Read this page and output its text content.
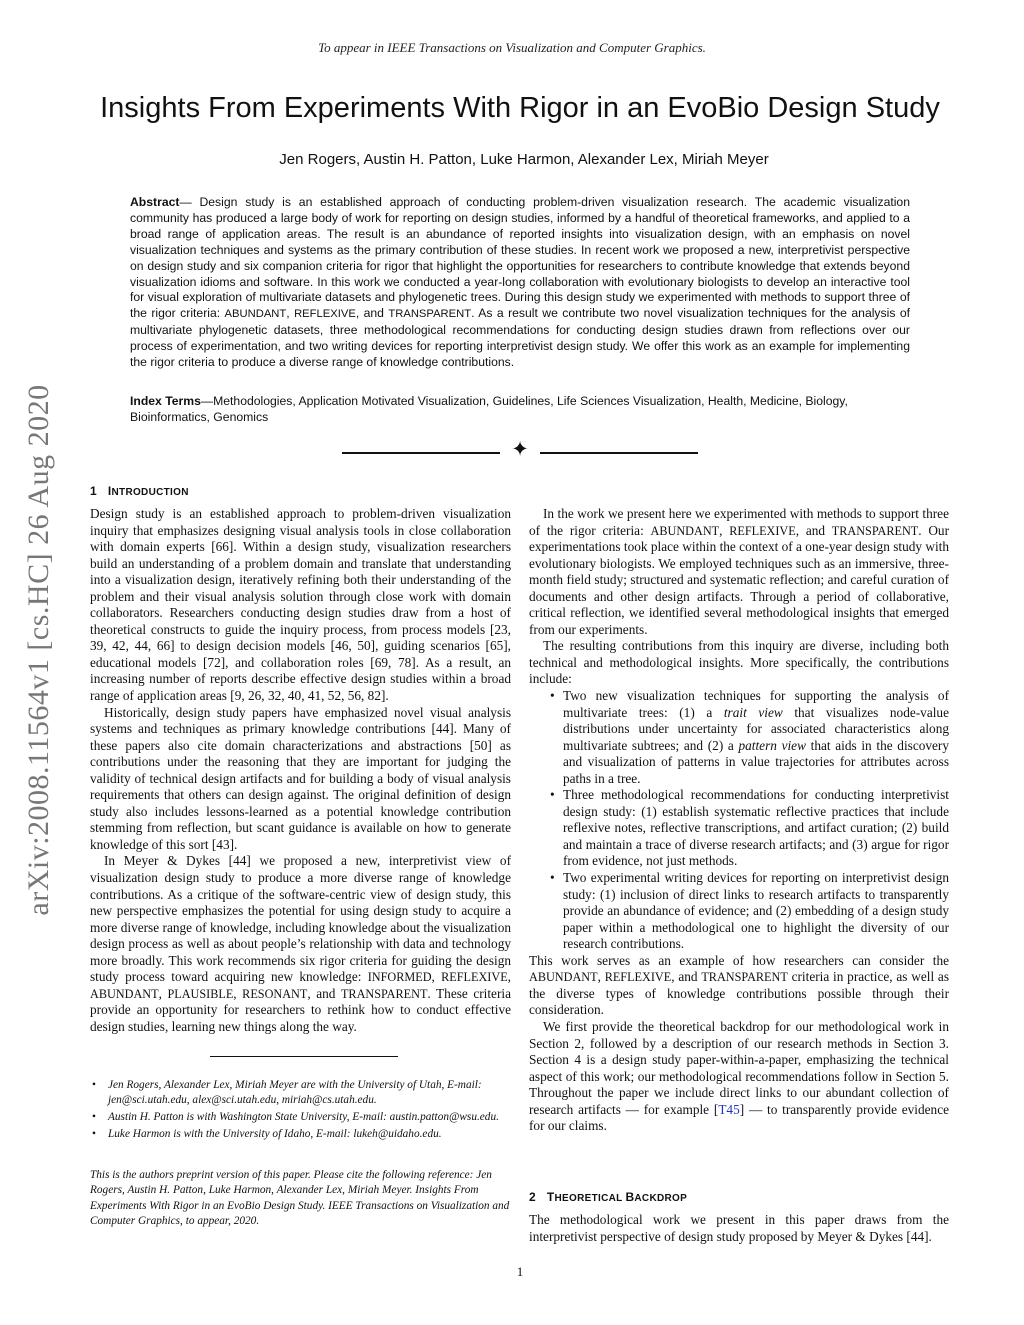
To appear in IEEE Transactions on Visualization and Computer Graphics.
Insights From Experiments With Rigor in an EvoBio Design Study
Jen Rogers, Austin H. Patton, Luke Harmon, Alexander Lex, Miriah Meyer
Abstract— Design study is an established approach of conducting problem-driven visualization research. The academic visualization community has produced a large body of work for reporting on design studies, informed by a handful of theoretical frameworks, and applied to a broad range of application areas. The result is an abundance of reported insights into visualization design, with an emphasis on novel visualization techniques and systems as the primary contribution of these studies. In recent work we proposed a new, interpretivist perspective on design study and six companion criteria for rigor that highlight the opportunities for researchers to contribute knowledge that extends beyond visualization idioms and software. In this work we conducted a year-long collaboration with evolutionary biologists to develop an interactive tool for visual exploration of multivariate datasets and phylogenetic trees. During this design study we experimented with methods to support three of the rigor criteria: ABUNDANT, REFLEXIVE, and TRANSPARENT. As a result we contribute two novel visualization techniques for the analysis of multivariate phylogenetic datasets, three methodological recommendations for conducting design studies drawn from reflections over our process of experimentation, and two writing devices for reporting interpretivist design study. We offer this work as an example for implementing the rigor criteria to produce a diverse range of knowledge contributions.
Index Terms—Methodologies, Application Motivated Visualization, Guidelines, Life Sciences Visualization, Health, Medicine, Biology, Bioinformatics, Genomics
✦
arXiv:2008.11564v1 [cs.HC] 26 Aug 2020	1 INTRODUCTION

Design study is an established approach to problem-driven visualization inquiry that emphasizes designing visual analysis tools in close collaboration with domain experts [66]. Within a design study, visualization researchers build an understanding of a problem domain and translate that understanding into a visualization design, iteratively refining both their understanding of the problem and their visual analysis solution through close work with domain collaborators. Researchers conducting design studies draw from a host of theoretical constructs to guide the inquiry process, from process models [23, 39, 42, 44, 66] to design decision models [46, 50], guiding scenarios [65], educational models [72], and collaboration roles [69, 78]. As a result, an increasing number of reports describe effective design studies within a broad range of application areas [9, 26, 32, 40, 41, 52, 56, 82].

Historically, design study papers have emphasized novel visual analysis systems and techniques as primary knowledge contributions [44]. Many of these papers also cite domain characterizations and abstractions [50] as contributions under the reasoning that they are important for judging the validity of technical design artifacts and for building a body of visual analysis requirements that others can design against. The original definition of design study also includes lessons-learned as a potential knowledge contribution stemming from reflection, but scant guidance is available on how to generate knowledge of this sort [43].

In Meyer & Dykes [44] we proposed a new, interpretivist view of visualization design study to produce a more diverse range of knowledge contributions. As a critique of the software-centric view of design study, this new perspective emphasizes the potential for using design study to acquire a more diverse range of knowledge, including knowledge about the visualization design process as well as about people’s relationship with data and technology more broadly. This work recommends six rigor criteria for guiding the design study process toward acquiring new knowledge: INFORMED, REFLEXIVE, ABUNDANT, PLAUSIBLE, RESONANT, and TRANSPARENT. These criteria provide an opportunity for researchers to rethink how to conduct effective design studies, learning new things along the way.

• Jen Rogers, Alexander Lex, Miriah Meyer are with the University of Utah, E-mail: jen@sci.utah.edu, alex@sci.utah.edu, miriah@cs.utah.edu.
• Austin H. Patton is with Washington State University, E-mail: austin.patton@wsu.edu.
• Luke Harmon is with the University of Idaho, E-mail: lukeh@uidaho.edu.
This is the authors preprint version of this paper. Please cite the following reference: Jen Rogers, Austin H. Patton, Luke Harmon, Alexander Lex, Miriah Meyer. Insights From Experiments With Rigor in an EvoBio Design Study. IEEE Transactions on Visualization and Computer Graphics, to appear, 2020.

In the work we present here we experimented with methods to support three of the rigor criteria: ABUNDANT, REFLEXIVE, and TRANSPARENT. Our experimentations took place within the context of a one-year design study with evolutionary biologists. We employed techniques such as an immersive, three-month field study; structured and systematic reflection; and careful curation of documents and other design artifacts. Through a period of collaborative, critical reflection, we identified several methodological insights that emerged from our experiments.

The resulting contributions from this inquiry are diverse, including both technical and methodological insights. More specifically, the contributions include:

• Two new visualization techniques for supporting the analysis of multivariate trees: (1) a trait view that visualizes node-value distributions under uncertainty for associated characteristics along multivariate subtrees; and (2) a pattern view that aids in the discovery and visualization of patterns in value trajectories for attributes across paths in a tree.
• Three methodological recommendations for conducting interpretivist design study: (1) establish systematic reflective practices that include reflexive notes, reflective transcriptions, and artifact curation; (2) build and maintain a trace of diverse research artifacts; and (3) argue for rigor from evidence, not just methods.
• Two experimental writing devices for reporting on interpretivist design study: (1) inclusion of direct links to research artifacts to transparently provide an abundance of evidence; and (2) embedding of a design study paper within a methodological one to highlight the diversity of our research contributions.

This work serves as an example of how researchers can consider the ABUNDANT, REFLEXIVE, and TRANSPARENT criteria in practice, as well as the diverse types of knowledge contributions possible through their consideration.

We first provide the theoretical backdrop for our methodological work in Section 2, followed by a description of our research methods in Section 3. Section 4 is a design study paper-within-a-paper, emphasizing the technical aspect of this work; our methodological recommendations follow in Section 5. Throughout the paper we include direct links to our abundant collection of research artifacts — for example [T45] — to transparently provide evidence for our claims.

2 THEORETICAL BACKDROP

The methodological work we present in this paper draws from the interpretivist perspective of design study proposed by Meyer & Dykes [44].

1
